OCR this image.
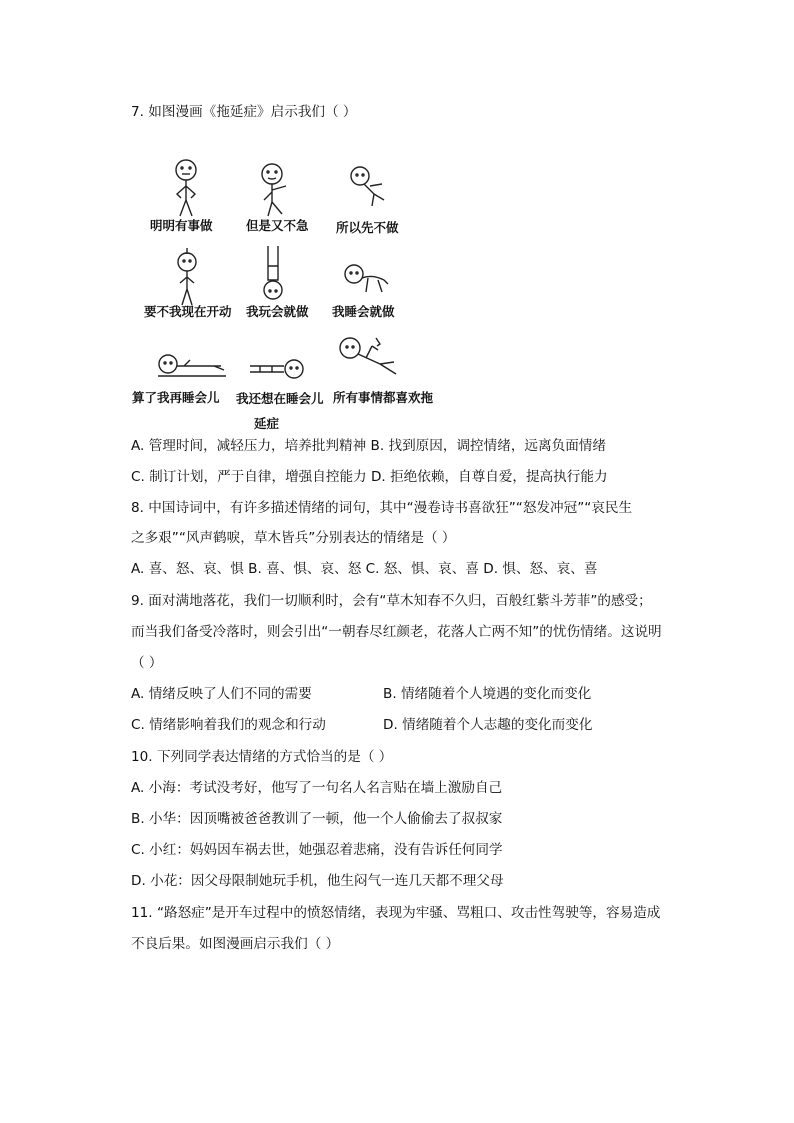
7. 如图漫画《拖延症》启示我们（ ）
明明有事做	但是又不急 所以先不做
要不我现在开动 我玩会就做 我睡会就做
算了我再睡会儿 我还想在睡会儿 所有事情都喜欢拖
延症
A. 管理时间，减轻压力，培养批判精神 B. 找到原因，调控情绪，远离负面情绪
C. 制订计划，严于自律，增强自控能力 D. 拒绝依赖，自尊自爱，提高执行能力
8. 中国诗词中，有许多描述情绪的词句，其中“漫卷诗书喜欲狂”“怒发冲冠”“哀民生
之多艰”“风声鹤唳，草木皆兵”分别表达的情绪是（ ）
A. 喜、怒、哀、惧 B. 喜、惧、哀、怒 C. 怒、惧、哀、喜 D. 惧、怒、哀、喜
9. 面对满地落花，我们一切顺利时，会有“草木知春不久归，百般红紫斗芳菲”的感受；
而当我们备受冷落时，则会引出“一朝春尽红颜老，花落人亡两不知”的忧伤情绪。这说明
（ ）
A. 情绪反映了人们不同的需要	B. 情绪随着个人境遇的变化而变化
C. 情绪影响着我们的观念和行动	D. 情绪随着个人志趣的变化而变化
10. 下列同学表达情绪的方式恰当的是（ ）
A. 小海：考试没考好，他写了一句名人名言贴在墙上激励自己
B. 小华：因顶嘴被爸爸教训了一顿，他一个人偷偷去了叔叔家
C. 小红：妈妈因车祸去世，她强忍着悲痛，没有告诉任何同学
D. 小花：因父母限制她玩手机，他生闷气一连几天都不理父母
11. “路怒症”是开车过程中的愤怒情绪，表现为牢骚、骂粗口、攻击性驾驶等，容易造成
不良后果。如图漫画启示我们（ ）
